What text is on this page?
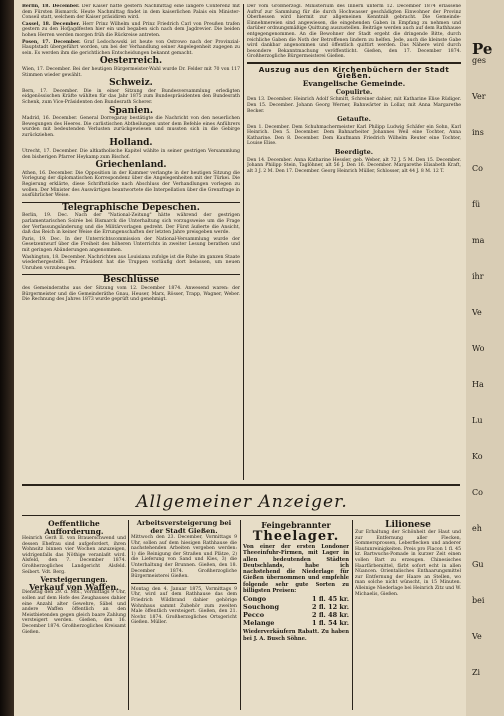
Berlin, 18. December. Der Kaiser hatte gestern Nachmittag eine längere Conferenz mit dem Fürsten Bismarck. Heute Nachmittag findet in dem kaiserlichen Palais ein Minister-Conseil statt, welchem der Kaiser präsidiren wird.

Cassel, 18. December. Herr Prinz Wilhelm und Prinz Friedrich Carl von Preußen trafen gestern zu den Hofjagdfesten hier ein und begaben sich nach dem Jagdrevier. Die beiden hohen Herren werden morgen früh die Rückreise antreten.

Posen, 17. December. Graf Ledochowski ist heute von Ostrowo nach der Provinzial-Hauptstadt übergeführt worden, um bei der Verhandlung seiner Angelegenheit zugegen zu sein. Es werden ihm die gerichtlichen Entscheidungen bekannt gemacht.

Oesterreich.

Wien, 17. December. Bei der heutigen Bürgermeister-Wahl wurde Dr. Felder mit 70 von 117 Stimmen wieder gewählt.

Schweiz.

Bern, 17. December. Die in einer Sitzung der Bundesversammlung erledigten eidgenössischen Kräfte wählten für das Jahr 1875 zum Bundespräsidenten den Bundesrath Schenk, zum Vice-Präsidenten den Bundesrath Scherer.

Spanien.

Madrid, 16. December. General Dorregaray bestätigte die Nachricht von den neuerlichen Bewegungen des Heeres. Die carlistischen Abtheilungen unter dem Befehle eines Anführers wurden mit bedeutenden Verlusten zurückgewiesen und mussten sich in die Gebirge zurückziehen.

Holland.

Utrecht, 17. December. Die altkatholische Kapitel wählte in seiner gestrigen Versammlung den bisherigen Pfarrer Heykamp zum Bischof.

Griechenland.

Athen, 16. December. Die Opposition in der Kammer verlangte in der heutigen Sitzung die Vorlegung der diplomatischen Korrespondenz über die Angelegenheiten mit der Türkei. Die Regierung erklärte, diese Schriftstücke nach Abschluss der Verhandlungen vorlegen zu wollen. Der Minister des Auswärtigen beantwortete die Interpellation über die Grenzfrage in ausführlicher Weise.

Telegraphische Depeschen.

Berlin, 19. Dec. Nach der "National-Zeitung" hätte während der gestrigen parlamentarischen Soirée bei Bismarck die Unterhaltung sich vorzugsweise um die Frage der Verfassungsänderung und die Militärvorlagen gedreht. Der Fürst äußerte die Ansicht, daß das Reich in keiner Weise die Errungenschaften der letzten Jahre preisgeben werde.

Paris, 19. Dec. In der Unterrichtscommission der National-Versammlung wurde der Gesetzentwurf über die Freiheit des höheren Unterrichts in zweiter Lesung berathen und mit geringen Abänderungen angenommen.

Washington, 18. December. Nachrichten aus Louisiana zufolge ist die Ruhe im ganzen Staate wiederhergestellt. Der Präsident hat die Truppen vorläufig dort belassen, um neuen Unruhen vorzubeugen.

Beschlüsse

des Gemeinderaths aus der Sitzung vom 12. December 1874. Anwesend waren: der Bürgermeister und die Gemeinderäthe Gnau, Heuser, Marx, Rösser, Trapp, Wagner, Weber. Die Rechnung des Jahres 1873 wurde geprüft und genehmigt.

Der vom Großherzogl. Ministerium des Innern unterm 12. December 1874 erlassene Aufruf zur Sammlung für die durch Hochwasser geschädigten Einwohner der Provinz Oberhessen wird hiermit zur allgemeinen Kenntniß gebracht. Die Gemeinde-Einnehmereien sind angewiesen, die eingehenden Gaben in Empfang zu nehmen und darüber ordnungsmäßige Quittung auszustellen. Beiträge werden auch auf dem Rathhause entgegengenommen. An die Bewohner der Stadt ergeht die dringende Bitte, durch reichliche Gaben die Noth der Betroffenen lindern zu helfen. Jede, auch die kleinste Gabe wird dankbar angenommen und öffentlich quittirt werden. Das Nähere wird durch besondere Bekanntmachung veröffentlicht. Gießen, den 17. December 1874. Großherzogliche Bürgermeisterei Gießen.

Auszug aus den Kirchenbüchern der Stadt Gießen.
Evangelische Gemeinde.
Copulirte.

Den 13. December. Heinrich Adolf Schmitt, Schreiner dahier, mit Katharine Elise Rüdiger. Den 15. December. Johann Georg Werner, Bahnwärter in Lollar, mit Anna Margarethe Becker.

Getaufte.

Den 1. December. Dem Schuhmachermeister Karl Philipp Ludwig Schäfer ein Sohn, Karl Heinrich. Den 5. December. Dem Bahnarbeiter Johannes Weil eine Tochter, Anna Katharine. Den 8. December. Dem Kaufmann Friedrich Wilhelm Reuter eine Tochter, Louise Elise.

Beerdigte.

Den 14. December. Anna Katharine Hessler, geb. Weber, alt 72 J. 5 M. Den 15. December. Johann Philipp Stein, Taglöhner, alt 56 J. Den 16. December. Margarethe Elisabeth Kraft, alt 3 J. 2 M. Den 17. December. Georg Heinrich Müller, Schlosser, alt 44 J. 8 M. 12 T.

Oeffentliche Aufforderung.

Heinrich Gerß II. von Brauerschwend und dessen Ehefrau sind aufgefordert, ihren Wohnsitz binnen vier Wochen anzuzeigen, widrigenfalls das Nöthige veranlaßt wird. Alsfeld, den 7. December 1874. Großherzogliches Landgericht Alsfeld. Seibert. Vdt. Berg.

Versteigerungen.
Verkauf von Waffen.

Dienstag den 29. d. Mts., Vormittags 9 Uhr, sollen auf dem Hofe des Zeughauses dahier eine Anzahl alter Gewehre, Säbel und andere Waffen öffentlich an den Meistbietenden gegen gleich baare Zahlung versteigert werden. Gießen, den 16. December 1874. Großherzogliches Kreisamt Gießen.

Arbeitsversteigerung bei der Stadt Gießen.

Mittwoch den 23. December, Vormittags 9 Uhr, sollen auf dem hiesigen Rathhause die nachstehenden Arbeiten vergeben werden: 1) die Reinigung der Straßen und Plätze, 2) die Lieferung von Sand und Kies, 3) die Unterhaltung der Brunnen. Gießen, den 18. December 1874. Großherzogliche Bürgermeisterei Gießen.

Montag den 4. Januar 1875, Vormittags 9 Uhr, wird auf dem Rathhause das dem Friedrich Wildbrand dahier gehörige Wohnhaus sammt Zubehör zum zweiten Male öffentlich versteigert. Gießen, den 21. Novbr. 1874. Großherzogliches Ortsgericht Gießen. Müller.

Feingebrannter
Theelager.

Von einer der ersten Londoner Theeeinfuhr-Firmen, mit Lager in allen bedeutenden Städten Deutschlands, habe ich nachstehend die Niederlage für Gießen übernommen und empfehle folgende sehr gute Sorten zu billigsten Preisen:

Congo	1 fl. 45 kr.
Souchong	2 fl. 12 kr.
Pecco	2 fl. 48 kr.
Melange	1 fl. 54 kr.

Wiederverkäufern Rabatt. Zu haben bei J. A. Busch Söhne.

Lilionese

Zur Erhaltung der Schönheit der Haut und zur Entfernung aller Flecken, Sommersprossen, Leberflecken und anderer Hautunreinigkeiten. Preis pro Flacon 1 fl. 45 kr. Bartwuchs-Pomade in kurzer Zeit einen vollen Bart zu erzeugen. Chinesisches Haarfärbemittel, färbt sofort echt in allen Nüancen. Orientalisches Enthaarungsmittel zur Entfernung der Haare an Stellen, wo man solche nicht wünscht, in 15 Minuten. Alleinige Niederlage bei Heinrich Zitz und W. Michaelis, Gießen.

Allgemeiner Anzeiger.
Pe
ges
Ver
ins
Co
fü
ma
ihr
Ve
Wo
Ha
Lu
Ko
Co
eh
Gu
bei
Ve
Zi
